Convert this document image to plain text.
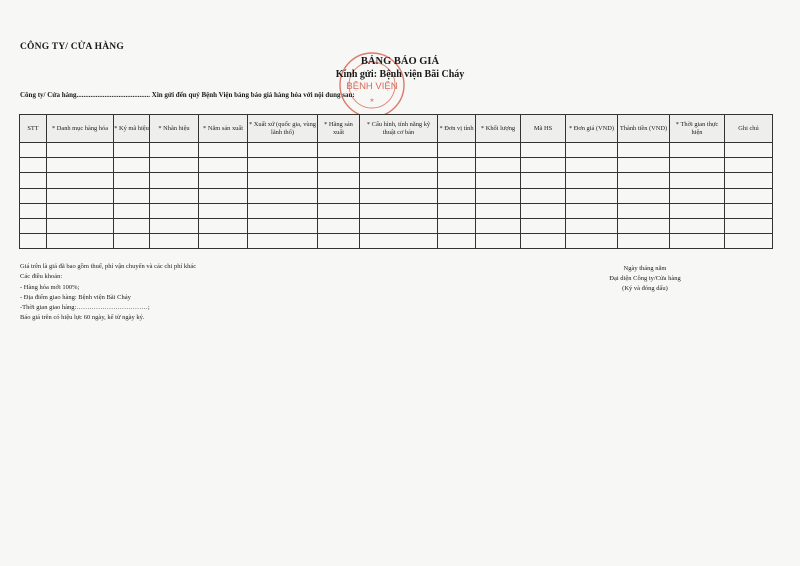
CÔNG TY/ CỬA HÀNG
BỆNH VIỆN
★
BẢNG BÁO GIÁ
Kính gửi: Bệnh viện Bãi Cháy
Công ty/ Cửa hàng.......................................... Xin gửi đến quý Bệnh Viện bảng báo giá hàng hóa với nội dung sau:
STT	* Danh mục hàng hóa	* Ký mã hiệu	* Nhãn hiệu	* Năm sản xuất	* Xuất xứ (quốc gia, vùng lãnh thổ)	* Hãng sản xuất	* Cấu hình, tính năng kỹ thuật cơ bản	* Đơn vị tính	* Khối lượng	Mã HS	* Đơn giá (VND)	Thành tiền (VND)	* Thời gian thực hiện	Ghi chú

Giá trên là giá đã bao gồm thuế, phí vận chuyển và các chi phí khác
Các điều khoản:
- Hàng hóa mới 100%;
- Địa điểm giao hàng: Bệnh viện Bãi Cháy
-Thời gian giao hàng:……………………………;
Báo giá trên có hiệu lực 60 ngày, kể từ ngày ký.
Ngày tháng năm
Đại diện Công ty/Cửa hàng
(Ký và đóng dấu)
